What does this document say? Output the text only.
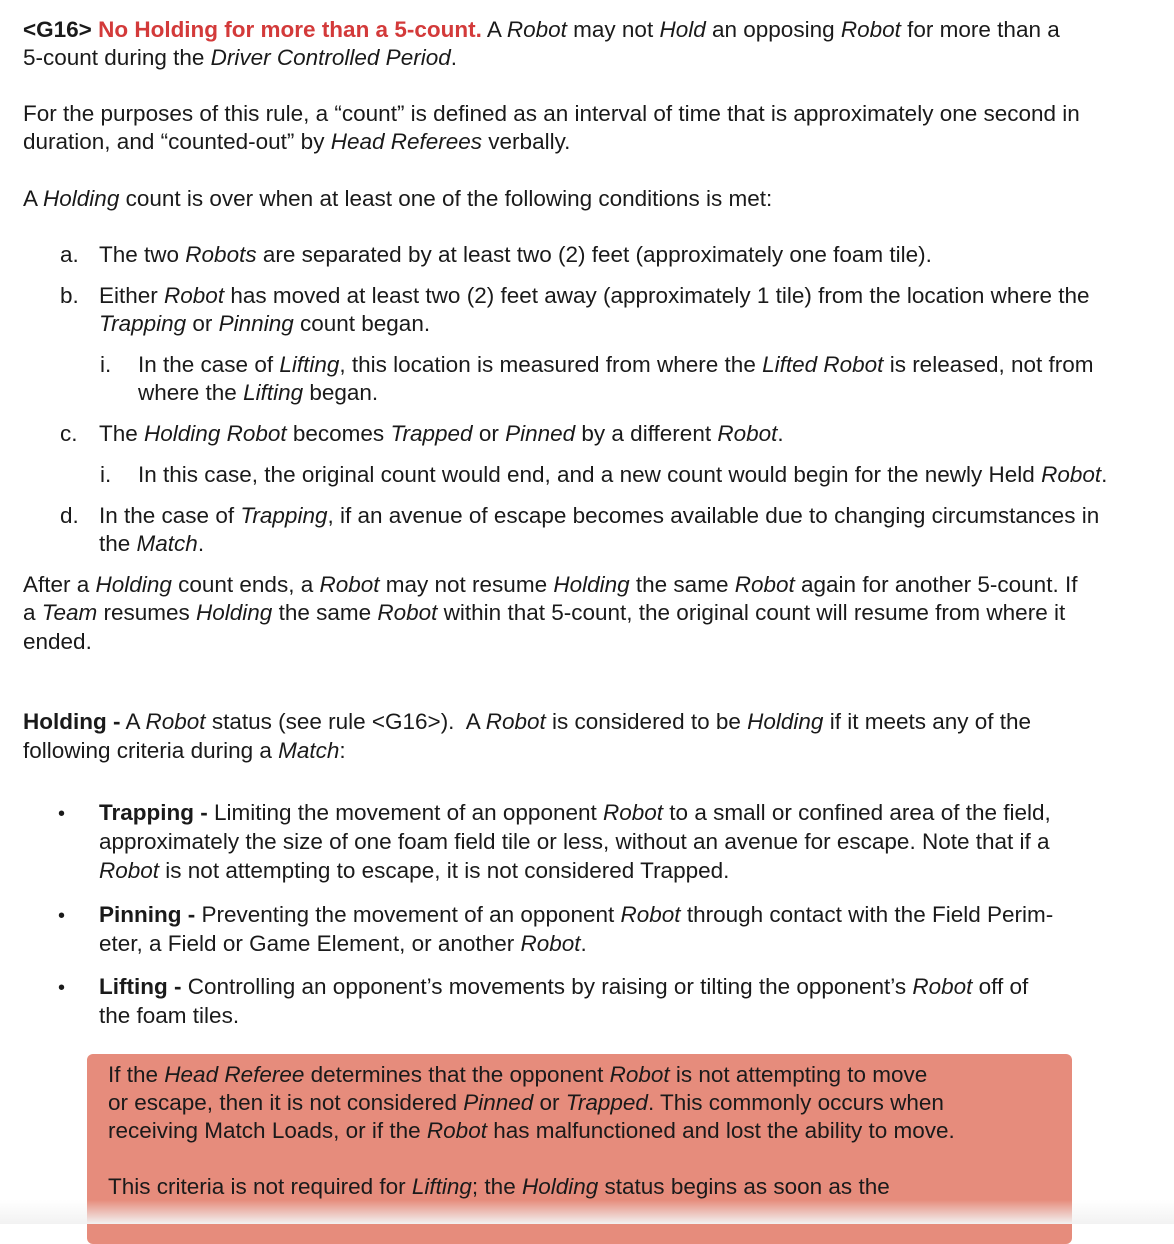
<G16> No Holding for more than a 5-count. A Robot may not Hold an opposing Robot for more than a
5-count during the Driver Controlled Period.
For the purposes of this rule, a “count” is defined as an interval of time that is approximately one second in
duration, and “counted-out” by Head Referees verbally.
A Holding count is over when at least one of the following conditions is met:
a. The two Robots are separated by at least two (2) feet (approximately one foam tile).
b. Either Robot has moved at least two (2) feet away (approximately 1 tile) from the location where the
Trapping or Pinning count began.
i. In the case of Lifting, this location is measured from where the Lifted Robot is released, not from
where the Lifting began.
c. The Holding Robot becomes Trapped or Pinned by a different Robot.
i. In this case, the original count would end, and a new count would begin for the newly Held Robot.
d. In the case of Trapping, if an avenue of escape becomes available due to changing circumstances in
the Match.
After a Holding count ends, a Robot may not resume Holding the same Robot again for another 5-count. If
a Team resumes Holding the same Robot within that 5-count, the original count will resume from where it
ended.
Holding - A Robot status (see rule <G16>).  A Robot is considered to be Holding if it meets any of the
following criteria during a Match:
• Trapping - Limiting the movement of an opponent Robot to a small or confined area of the field,
approximately the size of one foam field tile or less, without an avenue for escape. Note that if a
Robot is not attempting to escape, it is not considered Trapped.
• Pinning - Preventing the movement of an opponent Robot through contact with the Field Perim-
eter, a Field or Game Element, or another Robot.
• Lifting - Controlling an opponent’s movements by raising or tilting the opponent’s Robot off of
the foam tiles.
If the Head Referee determines that the opponent Robot is not attempting to move
or escape, then it is not considered Pinned or Trapped. This commonly occurs when
receiving Match Loads, or if the Robot has malfunctioned and lost the ability to move.
This criteria is not required for Lifting; the Holding status begins as soon as the
